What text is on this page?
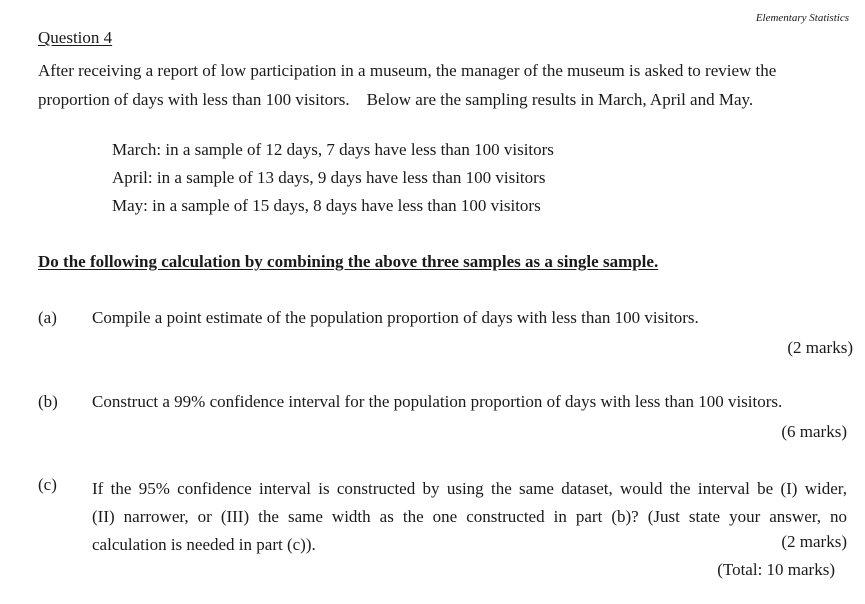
Elementary Statistics
Question 4
After receiving a report of low participation in a museum, the manager of the museum is asked to review the
proportion of days with less than 100 visitors.    Below are the sampling results in March, April and May.
March: in a sample of 12 days, 7 days have less than 100 visitors
April: in a sample of 13 days, 9 days have less than 100 visitors
May: in a sample of 15 days, 8 days have less than 100 visitors
Do the following calculation by combining the above three samples as a single sample.
(a) Compile a point estimate of the population proportion of days with less than 100 visitors.
(2 marks)
(b) Construct a 99% confidence interval for the population proportion of days with less than 100 visitors.
(6 marks)
(c) If the 95% confidence interval is constructed by using the same dataset, would the interval be (I) wider,
(II) narrower, or (III) the same width as the one constructed in part (b)? (Just state your answer, no
calculation is needed in part (c)).	(2 marks)
(Total: 10 marks)
